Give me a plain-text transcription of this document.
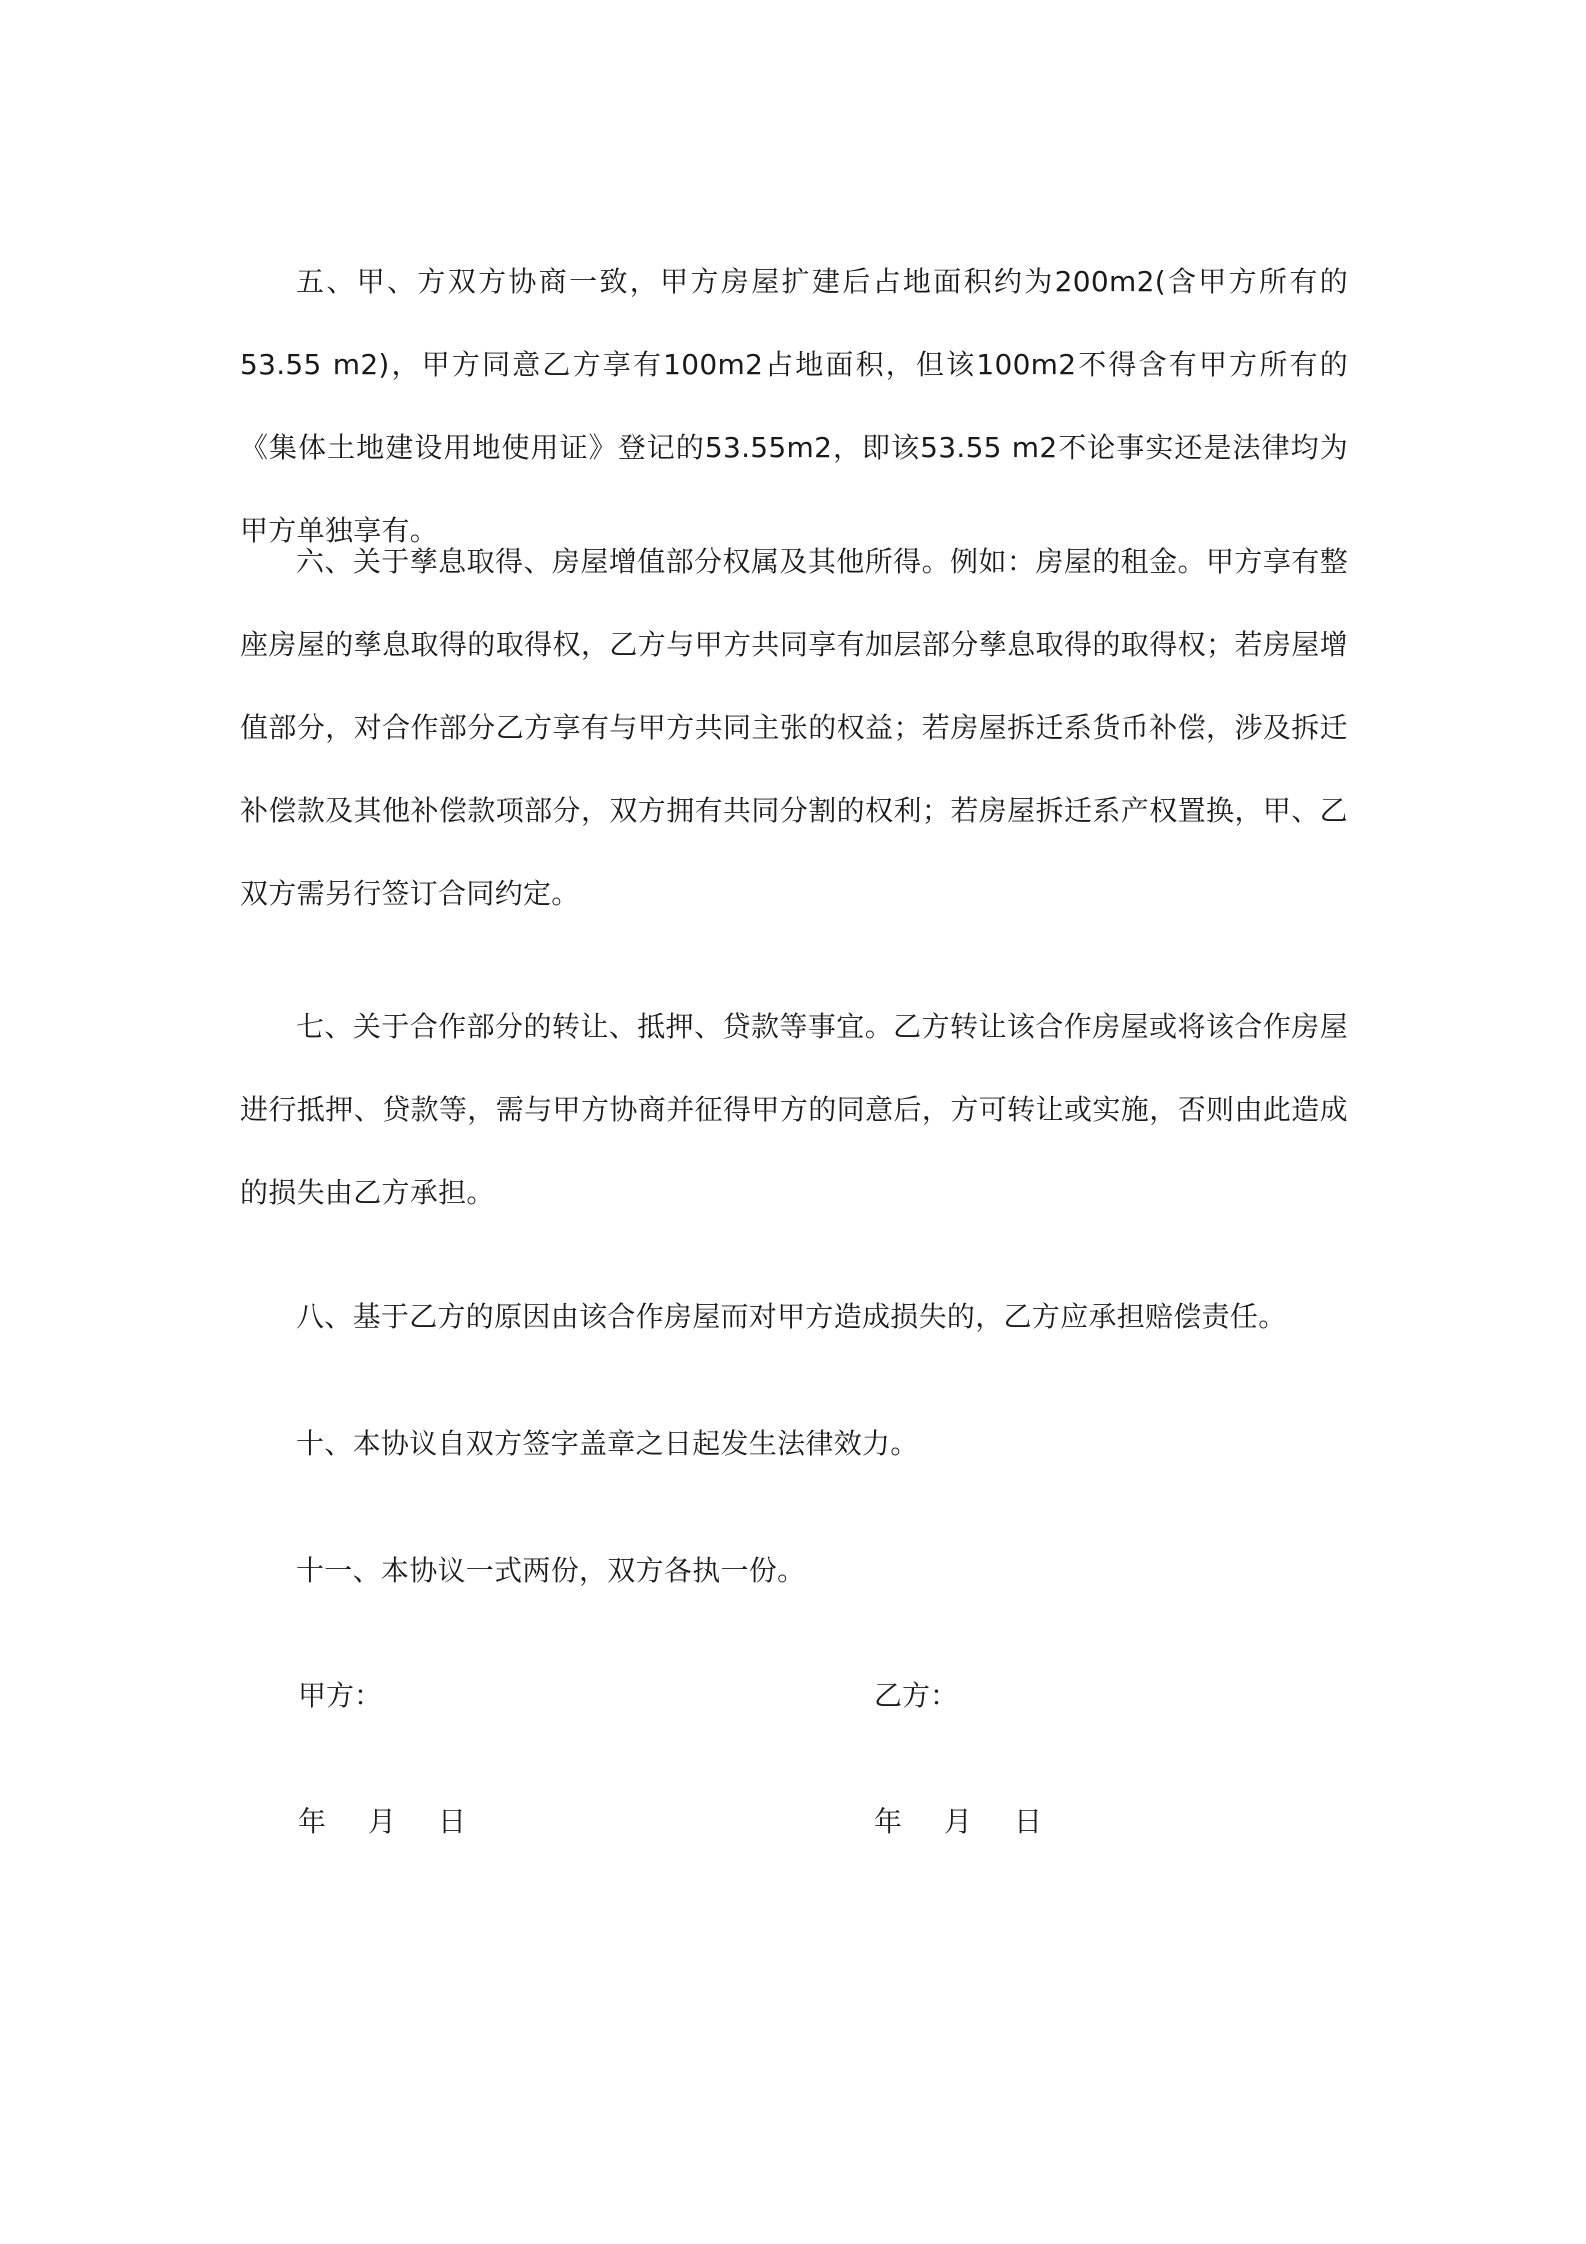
五、甲、方双方协商一致，甲方房屋扩建后占地面积约为200m2(含甲方所有的53.55 m2)，甲方同意乙方享有100m2占地面积，但该100m2不得含有甲方所有的《集体土地建设用地使用证》登记的53.55m2，即该53.55 m2不论事实还是法律均为甲方单独享有。

六、关于孳息取得、房屋增值部分权属及其他所得。例如：房屋的租金。甲方享有整座房屋的孳息取得的取得权，乙方与甲方共同享有加层部分孳息取得的取得权；若房屋增值部分，对合作部分乙方享有与甲方共同主张的权益；若房屋拆迁系货币补偿，涉及拆迁补偿款及其他补偿款项部分，双方拥有共同分割的权利；若房屋拆迁系产权置换，甲、乙双方需另行签订合同约定。

七、关于合作部分的转让、抵押、贷款等事宜。乙方转让该合作房屋或将该合作房屋进行抵押、贷款等，需与甲方协商并征得甲方的同意后，方可转让或实施，否则由此造成的损失由乙方承担。

八、基于乙方的原因由该合作房屋而对甲方造成损失的，乙方应承担赔偿责任。

十、本协议自双方签字盖章之日起发生法律效力。

十一、本协议一式两份，双方各执一份。

甲方：	乙方：
年 月 日	年 月 日
